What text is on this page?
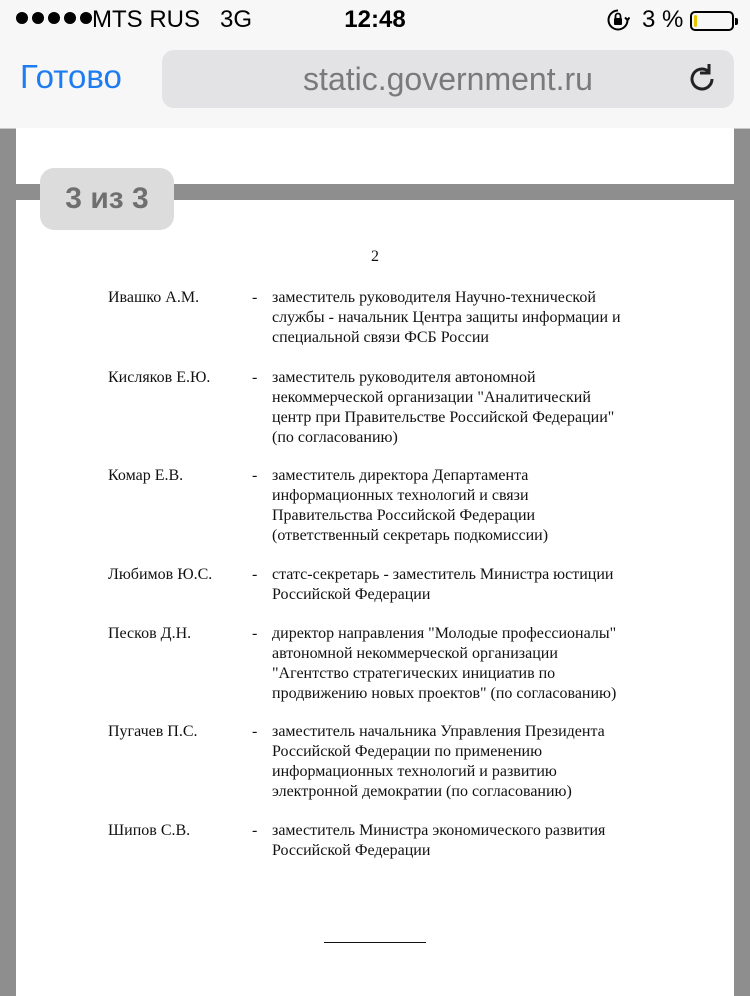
MTS RUS   3G	12:48	3 %
Готово	static.government.ru
3 из 3
2
Ивашко А.М.	- заместитель руководителя Научно-технической
службы - начальник Центра защиты информации и
специальной связи ФСБ России
Кисляков Е.Ю.	- заместитель руководителя автономной
некоммерческой организации "Аналитический
центр при Правительстве Российской Федерации"
(по согласованию)
Комар Е.В.	- заместитель директора Департамента
информационных технологий и связи
Правительства Российской Федерации
(ответственный секретарь подкомиссии)
Любимов Ю.С.	- статс-секретарь - заместитель Министра юстиции
Российской Федерации
Песков Д.Н.	- директор направления "Молодые профессионалы"
автономной некоммерческой организации
"Агентство стратегических инициатив по
продвижению новых проектов" (по согласованию)
Пугачев П.С.	- заместитель начальника Управления Президента
Российской Федерации по применению
информационных технологий и развитию
электронной демократии (по согласованию)
Шипов С.В.	- заместитель Министра экономического развития
Российской Федерации
